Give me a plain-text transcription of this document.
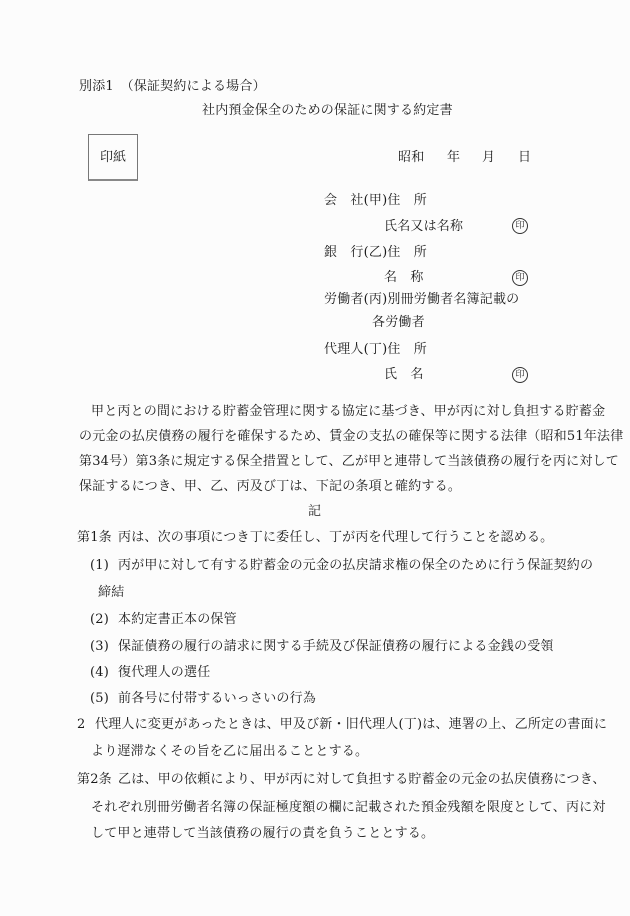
別添1　（保証契約による場合）
社内預金保全のための保証に関する約定書
印紙	昭和 年 月 日
会　社(甲)住　所
氏名又は名称	印
銀　行(乙)住　所
名　称	印
労働者(丙)別冊労働者名簿記載の
各労働者
代理人(丁)住　所
氏　名	印
甲と丙との間における貯蓄金管理に関する協定に基づき、甲が丙に対し負担する貯蓄金
の元金の払戻債務の履行を確保するため、賃金の支払の確保等に関する法律（昭和51年法律
第34号）第3条に規定する保全措置として、乙が甲と連帯して当該債務の履行を丙に対して
保証するにつき、甲、乙、丙及び丁は、下記の条項と確約する。
記
第1条 丙は、次の事項につき丁に委任し、丁が丙を代理して行うことを認める。
(1) 丙が甲に対して有する貯蓄金の元金の払戻請求権の保全のために行う保証契約の
締結
(2) 本約定書正本の保管
(3) 保証債務の履行の請求に関する手続及び保証債務の履行による金銭の受領
(4) 復代理人の選任
(5) 前各号に付帯するいっさいの行為
2 代理人に変更があったときは、甲及び新・旧代理人(丁)は、連署の上、乙所定の書面に
より遅滞なくその旨を乙に届出ることとする。
第2条 乙は、甲の依頼により、甲が丙に対して負担する貯蓄金の元金の払戻債務につき、
それぞれ別冊労働者名簿の保証極度額の欄に記載された預金残額を限度として、丙に対
して甲と連帯して当該債務の履行の責を負うこととする。
